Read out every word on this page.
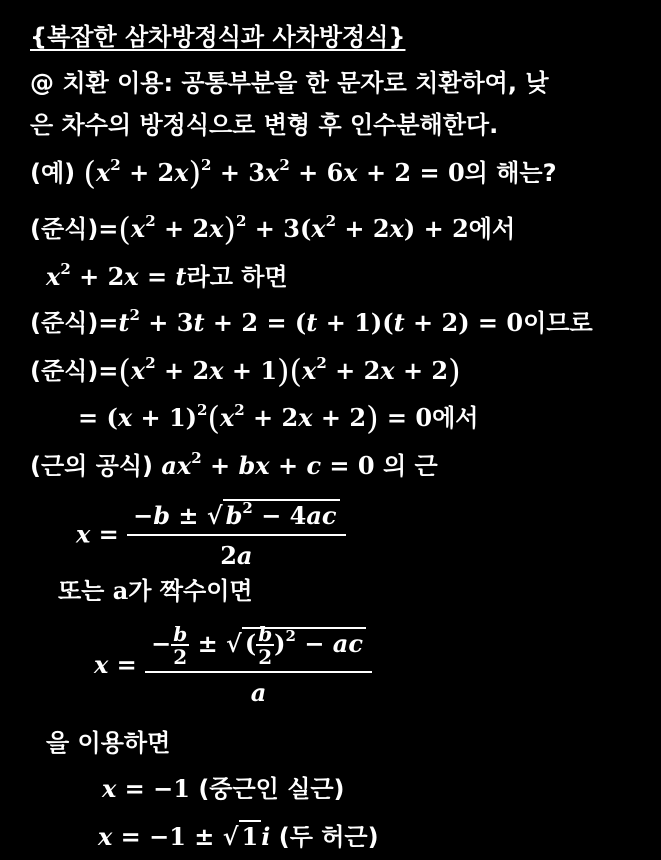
{복잡한 삼차방정식과 사차방정식}
@ 치환 이용: 공통부분을 한 문자로 치환하여, 낮
은 차수의 방정식으로 변형 후 인수분해한다.
(예) $(x^2 + 2x)^2 + 3x^2 + 6x + 2 = 0$의 해는?
(준식)$=(x^2 + 2x)^2 + 3(x^2 + 2x) + 2$에서
$x^2 + 2x = t$라고 하면
(준식)$=t^2 + 3t + 2 = (t + 1)(t + 2) = 0$이므로
(준식)$=(x^2 + 2x + 1)(x^2 + 2x + 2)$
= $(x + 1)^2(x^2 + 2x + 2) = 0$에서
(근의 공식) $ax^2$ + bx + c = 0 의 근
$x = \frac{-b \pm √ b^2 - 4ac}{2a}$
또는 a가 짝수이면
$x = \frac{- \frac{b}{2} \pm √ ( \frac{b}{2} )^2 - ac}{a}$
을 이용하면
x = −1 (중근인 실근)
x = −1 ± √ 1 i (두 허근)
